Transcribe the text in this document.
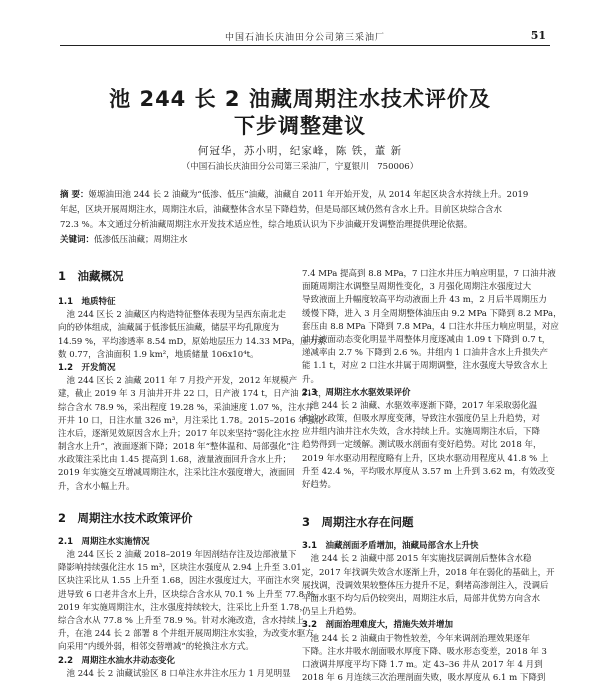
中国石油长庆油田分公司第三采油厂	51
池 244 长 2 油藏周期注水技术评价及
下步调整建议
何冠华，苏小明，纪家峰，陈 铁，董 新
（中国石油长庆油田分公司第三采油厂，宁夏银川　750006）
摘 要：姬塬油田池 244 长 2 油藏为“低渗、低压”油藏，油藏自 2011 年开始开发，从 2014 年起区块含水持续上升。2019
年起，区块开展周期注水，周期注水后，油藏整体含水呈下降趋势，但是局部区域仍然有含水上升。目前区块综合含水
72.3 %。本文通过分析油藏周期注水开发技术适应性，综合地质认识为下步油藏开发调整治理提供理论依据。
关键词：低渗低压油藏；周期注水
1　油藏概况
1.1　地质特征
　池 244 区长 2 油藏区内构造特征整体表现为呈西东南北走
向的砂体组成，油藏属于低渗低压油藏，储层平均孔隙度为
14.59 %，平均渗透率 8.54 mD，原始地层压力 14.33 MPa，压力系
数 0.77，含油面积 1.9 km²，地质储量 106x10⁴t。
1.2　开发简况
　池 244 区长 2 油藏 2011 年 7 月投产开发，2012 年规模产
建，截止 2019 年 3 月油井开井 22 口，日产液 174 t，日产油 31 t，
综合含水 78.9 %，采出程度 19.28 %，采油速度 1.07 %，注水井
开井 10 口，日注水量 326 m³，月注采比 1.78。2015–2016 年强化
注水后，逐渐见效原因含水上升；2017 年以来坚持“弱化注水控
制含水上升”，液面逐渐下降；2018 年“整体温和、局部强化”注
水政策注采比由 1.45 提高到 1.68，液量液面回升含水上升；
2019 年实施交互增减周期注水，注采比注水强度增大，液面回
升，含水小幅上升。
2　周期注水技术政策评价
2.1　周期注水实施情况
　池 244 区长 2 油藏 2018–2019 年因剖结存注及边部液量下
降影响持续强化注水 15 m³，区块注水强度从 2.94 上升至 3.01，
区块注采比从 1.55 上升至 1.68，因注水强度过大，平面注水突
进导致 6 口老井含水上升，区块综合含水从 70.1 % 上升至 77.8 %。
2019 年实施周期注水，注水强度持续较大，注采比上升至 1.78，
综合含水从 77.8 % 上升至 78.9 %。针对水淹改造，含水持续上
升，在池 244 长 2 部署 8 个井组开展周期注水实验，为改变水驱方
向采用“内缓外弱，相邻交替增减”的轮换注水方式。
2.2　周期注水油水井动态变化
　池 244 长 2 油藏试验区 8 口单注水井注水压力 1 月见明显
7.4 MPa 提高到 8.8 MPa，7 口注水井压力响应明显，7 口油井液
面随周期注水调整呈周期性变化，3 月强化周期注水强度过大
导致液面上升幅度较高平均动液面上升 43 m，2 月后半周期压力
缓慢下降，进入 3 月全周期整体油压由 9.2 MPa 下降到 8.2 MPa，
套压由 8.8 MPa 下降到 7.8 MPa，4 口注水井压力响应明显，对应
油井液面动态变化明显半周整体月度逐减由 1.09 t 下降到 0.7 t，
递减率由 2.7 % 下降到 2.6 %。井组内 1 口油井含水上升损失产
能 1.1 t，对应 2 口注水井属于周期调整，注水强度大导致含水上
升。
2.3　周期注水水驱效果评价
　池 244 长 2 油藏、水驱效率逐渐下降，2017 年采取弱化温
和注水政策，但吸水厚度变薄，导致注水强度仍呈上升趋势，对
应井组内油井注水失效，含水持续上升。实施周期注水后，下降
趋势得到一定缓解。测试吸水剖面有变好趋势。对比 2018 年，
2019 年水驱动用程度略有上升，区块水驱动用程度从 41.8 % 上
升至 42.4 %，平均吸水厚度从 3.57 m 上升到 3.62 m，有效改变
好趋势。
3　周期注水存在问题
3.1　油藏剖面矛盾增加，油藏局部含水上升快
　池 244 长 2 油藏中部 2015 年实施找层调剖后整体含水稳
定，2017 年找调失效含水逐渐上升，2018 年在弱化的基础上，开
展找调，没调效果较整体压力提升不足，剩堵高渗剖注入，没调后
平面水驱不均匀后仍较突出，周期注水后，局部井优势方向含水
仍呈上升趋势。
3.2　剖面治理难度大，措施失效并增加
　池 244 长 2 油藏由于物性较差，今年来调剖治理效果逐年
下降。注水井吸水剖面吸水厚度下降、吸水形态变差，2018 年 3
口液调井厚度平均下降 1.7 m。定 43–36 井从 2017 年 4 月到
2018 年 6 月连续三次治理剖面失败，吸水厚度从 6.1 m 下降到
